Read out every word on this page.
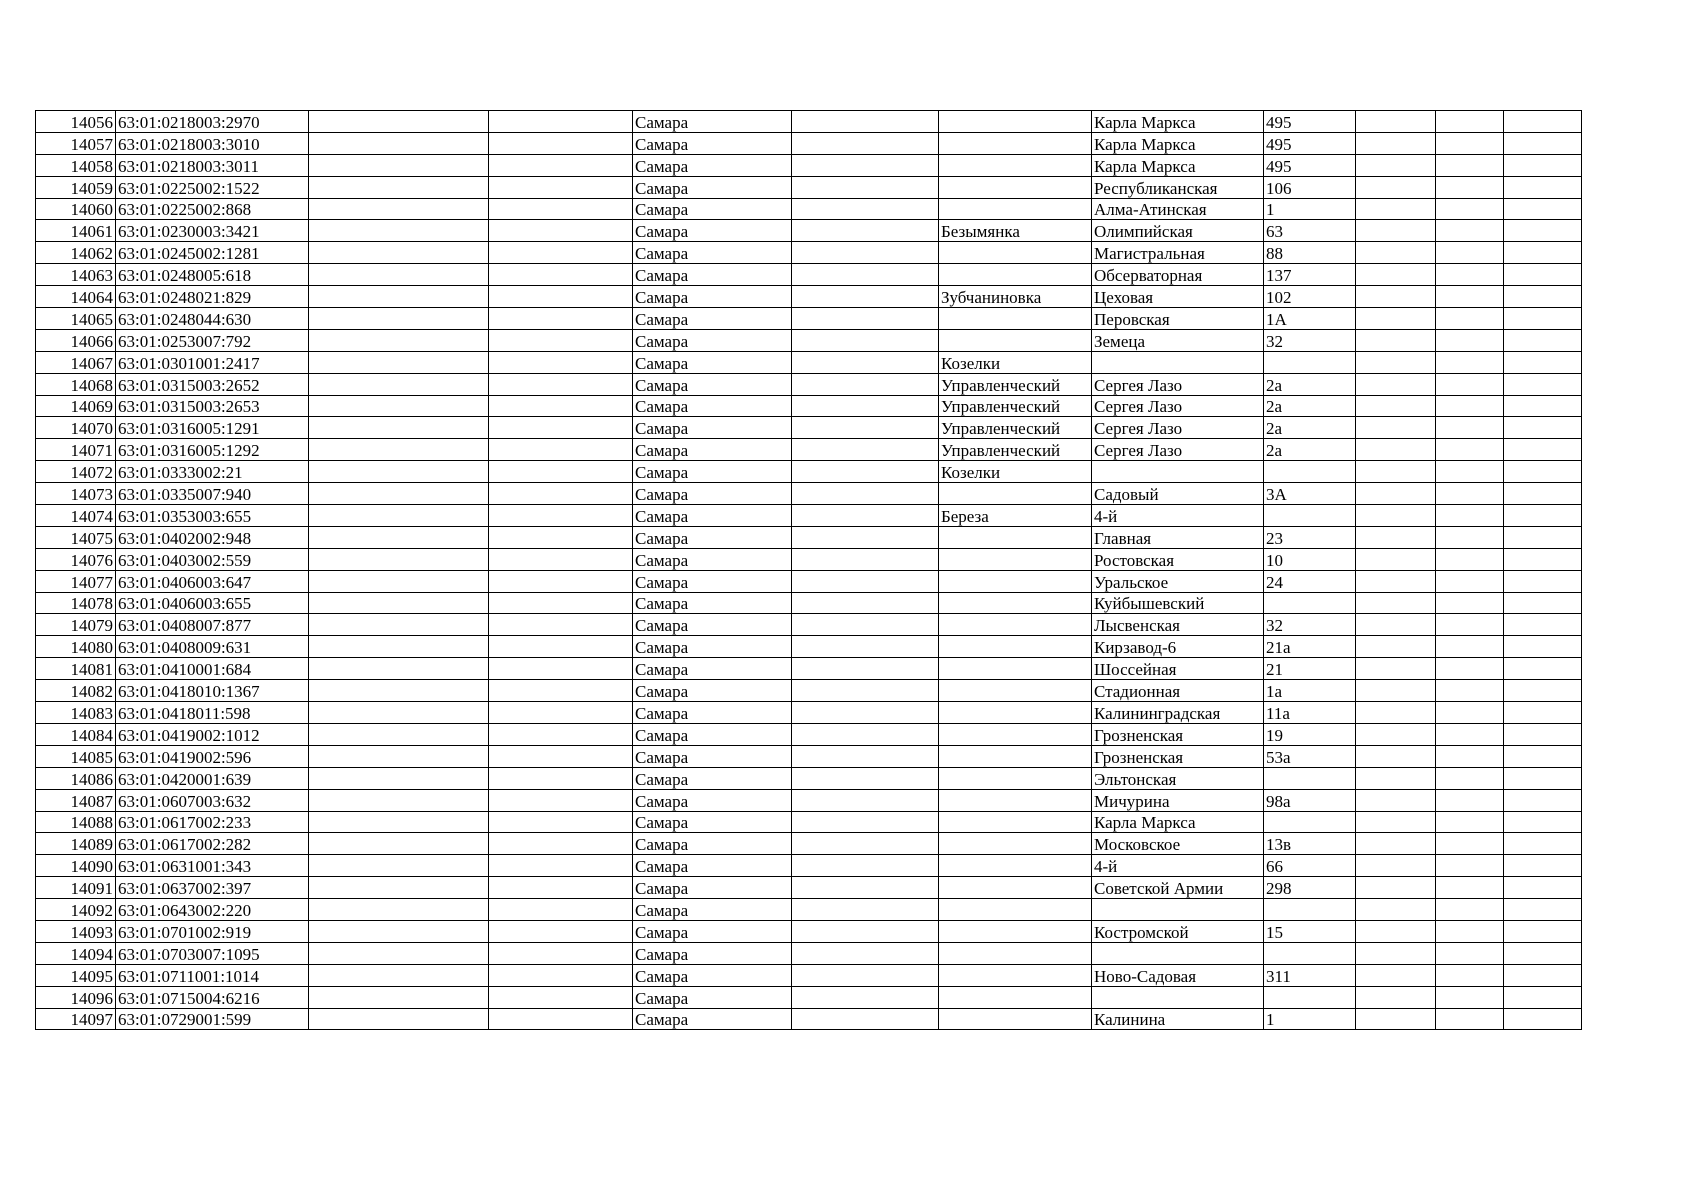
14056	63:01:0218003:2970			Самара			Карла Маркса	495			
14057	63:01:0218003:3010			Самара			Карла Маркса	495			
14058	63:01:0218003:3011			Самара			Карла Маркса	495			
14059	63:01:0225002:1522			Самара			Республиканская	106			
14060	63:01:0225002:868			Самара			Алма-Атинская	1			
14061	63:01:0230003:3421			Самара		Безымянка	Олимпийская	63			
14062	63:01:0245002:1281			Самара			Магистральная	88			
14063	63:01:0248005:618			Самара			Обсерваторная	137			
14064	63:01:0248021:829			Самара		Зубчаниновка	Цеховая	102			
14065	63:01:0248044:630			Самара			Перовская	1А			
14066	63:01:0253007:792			Самара			Земеца	32			
14067	63:01:0301001:2417			Самара		Козелки					
14068	63:01:0315003:2652			Самара		Управленческий	Сергея Лазо	2а			
14069	63:01:0315003:2653			Самара		Управленческий	Сергея Лазо	2а			
14070	63:01:0316005:1291			Самара		Управленческий	Сергея Лазо	2а			
14071	63:01:0316005:1292			Самара		Управленческий	Сергея Лазо	2а			
14072	63:01:0333002:21			Самара		Козелки					
14073	63:01:0335007:940			Самара			Садовый	3А			
14074	63:01:0353003:655			Самара		Береза	4-й				
14075	63:01:0402002:948			Самара			Главная	23			
14076	63:01:0403002:559			Самара			Ростовская	10			
14077	63:01:0406003:647			Самара			Уральское	24			
14078	63:01:0406003:655			Самара			Куйбышевский				
14079	63:01:0408007:877			Самара			Лысвенская	32			
14080	63:01:0408009:631			Самара			Кирзавод-6	21а			
14081	63:01:0410001:684			Самара			Шоссейная	21			
14082	63:01:0418010:1367			Самара			Стадионная	1а			
14083	63:01:0418011:598			Самара			Калининградская	11а			
14084	63:01:0419002:1012			Самара			Грозненская	19			
14085	63:01:0419002:596			Самара			Грозненская	53а			
14086	63:01:0420001:639			Самара			Эльтонская				
14087	63:01:0607003:632			Самара			Мичурина	98а			
14088	63:01:0617002:233			Самара			Карла Маркса				
14089	63:01:0617002:282			Самара			Московское	13в			
14090	63:01:0631001:343			Самара			4-й	66			
14091	63:01:0637002:397			Самара			Советской Армии	298			
14092	63:01:0643002:220			Самара							
14093	63:01:0701002:919			Самара			Костромской	15			
14094	63:01:0703007:1095			Самара							
14095	63:01:0711001:1014			Самара			Ново-Садовая	311			
14096	63:01:0715004:6216			Самара							
14097	63:01:0729001:599			Самара			Калинина	1			
